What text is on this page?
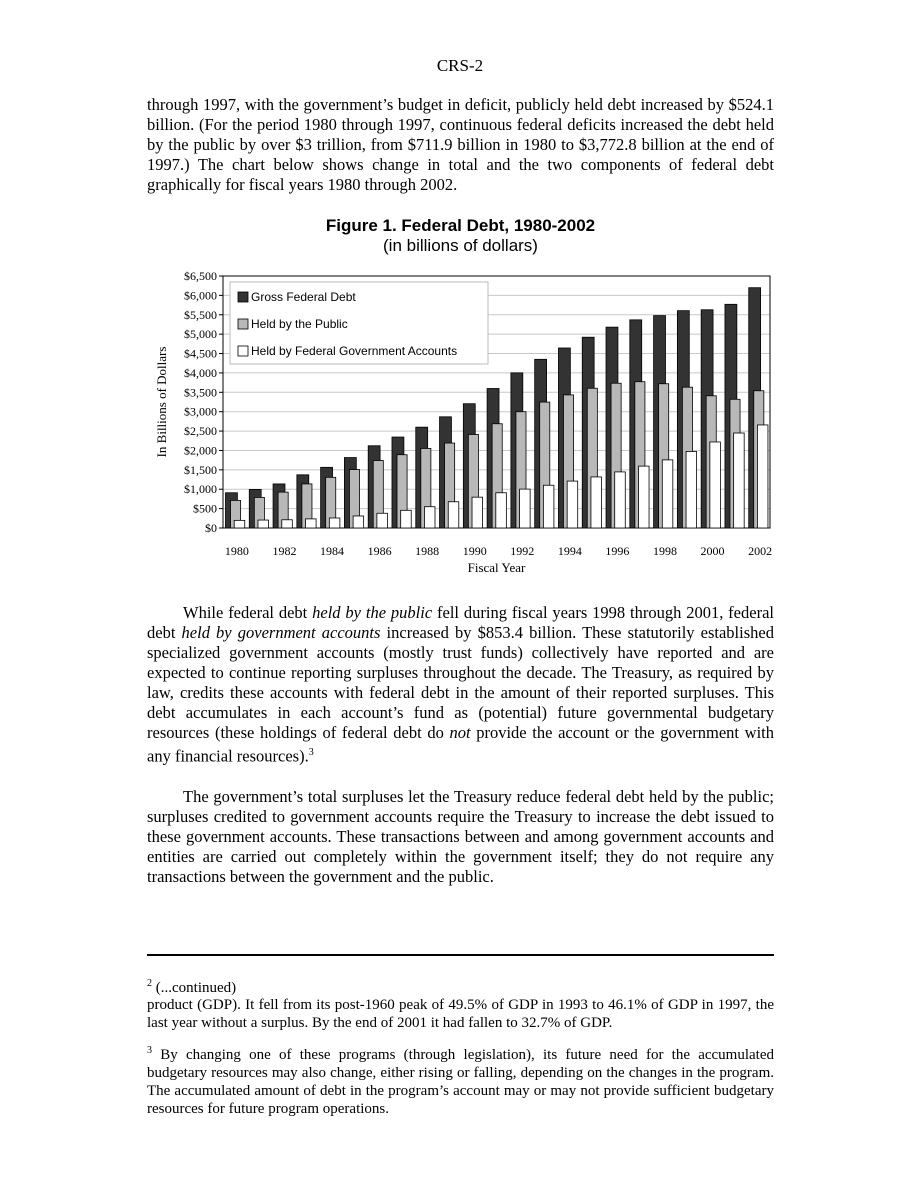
CRS-2

through 1997, with the government’s budget in deficit, publicly held debt increased by $524.1 billion. (For the period 1980 through 1997, continuous federal deficits increased the debt held by the public by over $3 trillion, from $711.9 billion in 1980 to $3,772.8 billion at the end of 1997.) The chart below shows change in total and the two components of federal debt graphically for fiscal years 1980 through 2002.

Figure 1. Federal Debt, 1980-2002
(in billions of dollars)
$0
$500
$1,000
$1,500
$2,000
$2,500
$3,000
$3,500
$4,000
$4,500
$5,000
$5,500
$6,000
$6,500
1980 1982 1984 1986 1988 1990 1992 1994 1996 1998 2000 2002
In Billions of Dollars
Fiscal Year
Gross Federal Debt
Held by the Public
Held by Federal Government Accounts

While federal debt held by the public fell during fiscal years 1998 through 2001, federal debt held by government accounts increased by $853.4 billion. These statutorily established specialized government accounts (mostly trust funds) collectively have reported and are expected to continue reporting surpluses throughout the decade. The Treasury, as required by law, credits these accounts with federal debt in the amount of their reported surpluses. This debt accumulates in each account’s fund as (potential) future governmental budgetary resources (these holdings of federal debt do not provide the account or the government with any financial resources).$^3$

The government’s total surpluses let the Treasury reduce federal debt held by the public; surpluses credited to government accounts require the Treasury to increase the debt issued to these government accounts. These transactions between and among government accounts and entities are carried out completely within the government itself; they do not require any transactions between the government and the public.

$^2$ (...continued)

product (GDP). It fell from its post-1960 peak of 49.5% of GDP in 1993 to 46.1% of GDP in 1997, the last year without a surplus. By the end of 2001 it had fallen to 32.7% of GDP.

$^3$ By changing one of these programs (through legislation), its future need for the accumulated budgetary resources may also change, either rising or falling, depending on the changes in the program. The accumulated amount of debt in the program’s account may or may not provide sufficient budgetary resources for future program operations.
